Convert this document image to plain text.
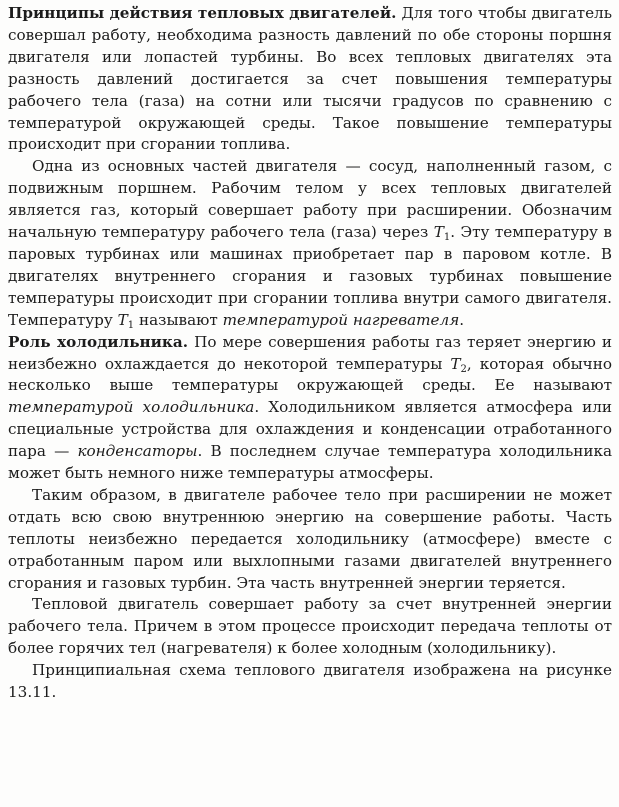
Принципы действия тепловых двигателей. Для того чтобы двигатель совершал работу, необходима разность давлений по обе стороны поршня двигателя или лопастей турбины. Во всех тепловых двигателях эта разность давлений достигается за счет повышения температуры рабочего тела (газа) на сотни или тысячи градусов по сравнению с температурой окружающей среды. Такое повышение температуры происходит при сгорании топлива.

Одна из основных частей двигателя — сосуд, наполненный газом, с подвижным поршнем. Рабочим телом у всех тепловых двигателей является газ, который совершает работу при расширении. Обозначим начальную температуру рабочего тела (газа) через $T_1$. Эту температуру в паровых турбинах или машинах приобретает пар в паровом котле. В двигателях внутреннего сгорания и газовых турбинах повышение температуры происходит при сгорании топлива внутри самого двигателя. Температуру $T_1$ называют температурой нагревателя.

Роль холодильника. По мере совершения работы газ теряет энергию и неизбежно охлаждается до некоторой температуры $T_2$, которая обычно несколько выше температуры окружающей среды. Ее называют температурой холодильника. Холодильником является атмосфера или специальные устройства для охлаждения и конденсации отработанного пара — конденсаторы. В последнем случае температура холодильника может быть немного ниже температуры атмосферы.

Таким образом, в двигателе рабочее тело при расширении не может отдать всю свою внутреннюю энергию на совершение работы. Часть теплоты неизбежно передается холодильнику (атмосфере) вместе с отработанным паром или выхлопными газами двигателей внутреннего сгорания и газовых турбин. Эта часть внутренней энергии теряется.

Тепловой двигатель совершает работу за счет внутренней энергии рабочего тела. Причем в этом процессе происходит передача теплоты от более горячих тел (нагревателя) к более холодным (холодильнику).

Принципиальная схема теплового двигателя изображена на рисунке 13.11.
